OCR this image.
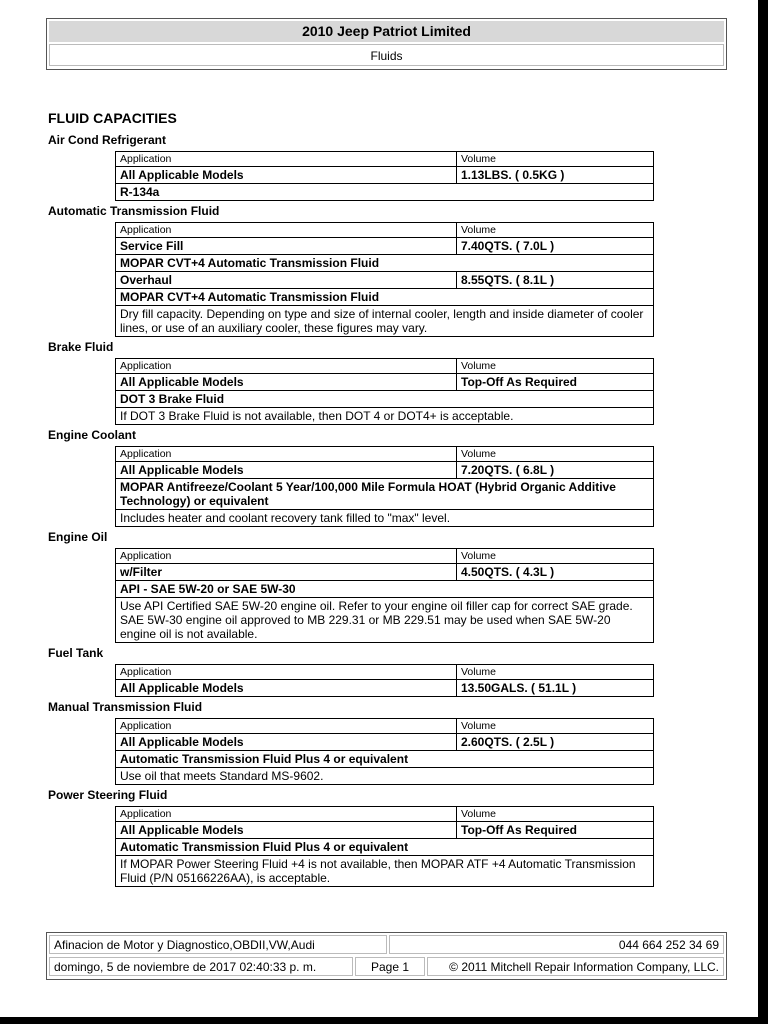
2010 Jeep Patriot Limited
Fluids
FLUID CAPACITIES
Air Cond Refrigerant
Application	Volume
All Applicable Models	1.13LBS. ( 0.5KG )
R-134a	
Automatic Transmission Fluid
Application	Volume
Service Fill	7.40QTS. ( 7.0L )
MOPAR CVT+4 Automatic Transmission Fluid	
Overhaul	8.55QTS. ( 8.1L )
MOPAR CVT+4 Automatic Transmission Fluid	
Dry fill capacity. Depending on type and size of internal cooler, length and inside diameter of cooler lines, or use of an auxiliary cooler, these figures may vary.	
Brake Fluid
Application	Volume
All Applicable Models	Top-Off As Required
DOT 3 Brake Fluid	
If DOT 3 Brake Fluid is not available, then DOT 4 or DOT4+ is acceptable.	
Engine Coolant
Application	Volume
All Applicable Models	7.20QTS. ( 6.8L )
MOPAR Antifreeze/Coolant 5 Year/100,000 Mile Formula HOAT (Hybrid Organic Additive Technology) or equivalent	
Includes heater and coolant recovery tank filled to "max" level.	
Engine Oil
Application	Volume
w/Filter	4.50QTS. ( 4.3L )
API - SAE 5W-20 or SAE 5W-30	
Use API Certified SAE 5W-20 engine oil. Refer to your engine oil filler cap for correct SAE grade. SAE 5W-30 engine oil approved to MB 229.31 or MB 229.51 may be used when SAE 5W-20 engine oil is not available.	
Fuel Tank
Application	Volume
All Applicable Models	13.50GALS. ( 51.1L )
Manual Transmission Fluid
Application	Volume
All Applicable Models	2.60QTS. ( 2.5L )
Automatic Transmission Fluid Plus 4 or equivalent	
Use oil that meets Standard MS-9602.	
Power Steering Fluid
Application	Volume
All Applicable Models	Top-Off As Required
Automatic Transmission Fluid Plus 4 or equivalent	
If MOPAR Power Steering Fluid +4 is not available, then MOPAR ATF +4 Automatic Transmission Fluid (P/N 05166226AA), is acceptable.	
Afinacion de Motor y Diagnostico,OBDII,VW,Audi	044 664 252 34 69
domingo, 5 de noviembre de 2017 02:40:33 p. m.	Page 1	© 2011 Mitchell Repair Information Company, LLC.
